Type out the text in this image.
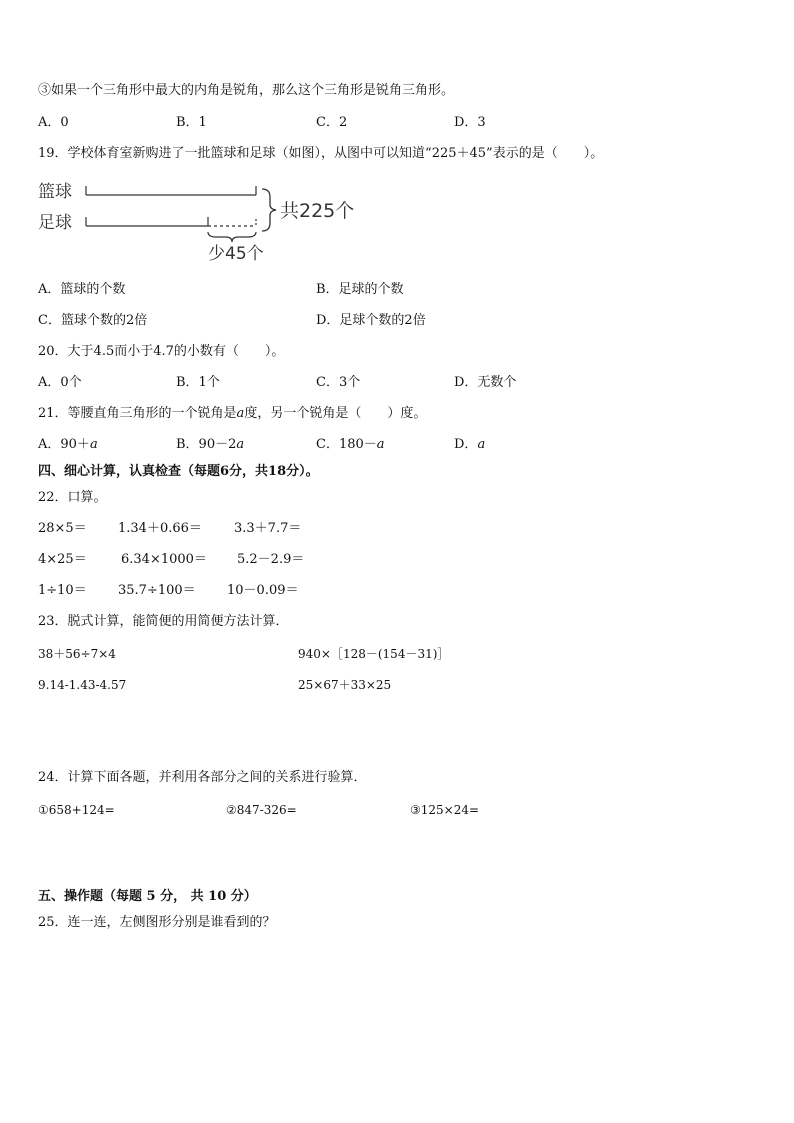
③如果一个三角形中最大的内角是锐角，那么这个三角形是锐角三角形。
A．0	B．1	C．2	D．3
19．学校体育室新购进了一批篮球和足球（如图），从图中可以知道“225＋45”表示的是（　　）。
篮球
足球
共225个
少45个
A．篮球的个数	B．足球的个数
C．篮球个数的2倍	D．足球个数的2倍
20．大于4.5而小于4.7的小数有（　　）。
A．0个	B．1个	C．3个	D．无数个
21．等腰直角三角形的一个锐角是a度，另一个锐角是（　　）度。
A．90＋a	B．90－2a	C．180－a	D．a
四、细心计算，认真检查（每题6分，共18分）。
22．口算。
28×5＝ 1.34＋0.66＝ 3.3＋7.7＝
4×25＝	6.34×1000＝ 5.2－2.9＝
1÷10＝ 35.7÷100＝ 10－0.09＝
23．脱式计算，能简便的用简便方法计算．
38＋56÷7×4	940×［128－(154－31)］
9.14-1.43-4.57	25×67＋33×25
24．计算下面各题，并利用各部分之间的关系进行验算．
①658+124=	②847-326=	③125×24=
五、操作题（每题 5 分， 共 10 分）
25．连一连，左侧图形分别是谁看到的？
